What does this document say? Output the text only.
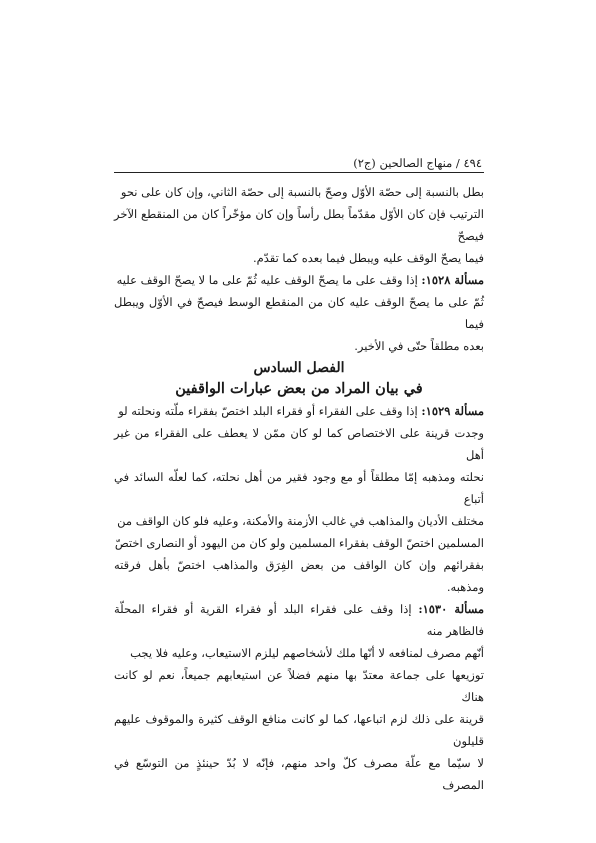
٤٩٤ / منهاج الصالحين (ج٢)

بطل بالنسبة إلى حصّة الأوّل وصحّ بالنسبة إلى حصّة الثاني، وإن كان على نحو

الترتيب فإن كان الأوّل مقدّماً بطل رأساً وإن كان مؤخّراً كان من المنقطع الآخر فيصحّ

فيما يصحّ الوقف عليه ويبطل فيما بعده كما تقدّم.

مسألة ١٥٢٨: إذا وقف على ما يصحّ الوقف عليه ثُمّ على ما لا يصحّ الوقف عليه

ثُمّ على ما يصحّ الوقف عليه كان من المنقطع الوسط فيصحّ في الأوّل ويبطل فيما

بعده مطلقاً حتّى في الأخير.

الفصل السادس
في بيان المراد من بعض عبارات الواقفين

مسألة ١٥٢٩: إذا وقف على الفقراء أو فقراء البلد اختصّ بفقراء ملّته ونحلته لو

وجدت قرينة على الاختصاص كما لو كان ممّن لا يعطف على الفقراء من غير أهل

نحلته ومذهبه إمّا مطلقاً أو مع وجود فقير من أهل نحلته، كما لعلّه السائد في أتباع

مختلف الأديان والمذاهب في غالب الأزمنة والأمكنة، وعليه فلو كان الواقف من

المسلمين اختصّ الوقف بفقراء المسلمين ولو كان من اليهود أو النصارى اختصّ

بفقرائهم وإن كان الواقف من بعض الفِرَق والمذاهب اختصّ بأهل فرقته ومذهبه.

مسألة ١٥٣٠: إذا وقف على فقراء البلد أو فقراء القرية أو فقراء المحلّة فالظاهر منه

أنّهم مصرف لمنافعه لا أنّها ملك لأشخاصهم ليلزم الاستيعاب، وعليه فلا يجب

توزيعها على جماعة معتدّ بها منهم فضلاً عن استيعابهم جميعاً، نعم لو كانت هناك

قرينة على ذلك لزم اتباعها، كما لو كانت منافع الوقف كثيرة والموقوف عليهم قليلون

لا سيّما مع علّة مصرف كلّ واحد منهم، فإنّه لا بُدّ حينئذٍ من التوسّع في المصرف
